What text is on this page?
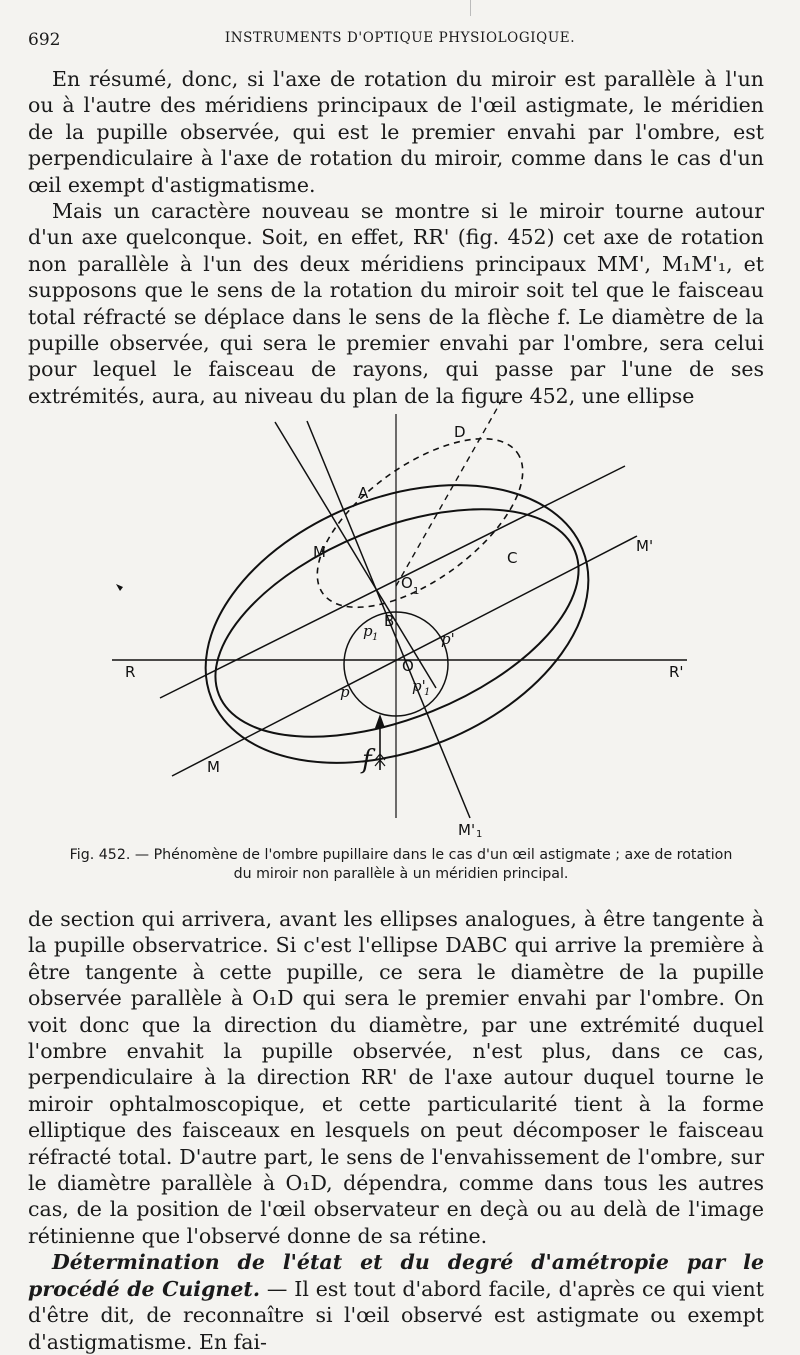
692	INSTRUMENTS D'OPTIQUE PHYSIOLOGIQUE.

En résumé, donc, si l'axe de rotation du miroir est parallèle à l'un ou à l'autre des méridiens principaux de l'œil astigmate, le méridien de la pupille observée, qui est le premier envahi par l'ombre, est perpendiculaire à l'axe de rotation du miroir, comme dans le cas d'un œil exempt d'astigmatisme.

Mais un caractère nouveau se montre si le miroir tourne autour d'un axe quelconque. Soit, en effet, RR' (fig. 452) cet axe de rotation non parallèle à l'un des deux méridiens principaux MM', M₁M'₁, et supposons que le sens de la rotation du miroir soit tel que le faisceau total réfracté se déplace dans le sens de la flèche f. Le diamètre de la pupille observée, qui sera le premier envahi par l'ombre, sera celui pour lequel le faisceau de rayons, qui passe par l'une de ses extrémités, aura, au niveau du plan de la figure 452, une ellipse

D
A
M	C
M'
O 1
B
p 1	p'
R	R'
O
p'
1
p
f
M
M' 1
Fig. 452. — Phénomène de l'ombre pupillaire dans le cas d'un œil astigmate ; axe de rotation
du miroir non parallèle à un méridien principal.

de section qui arrivera, avant les ellipses analogues, à être tangente à la pupille observatrice. Si c'est l'ellipse DABC qui arrive la première à être tangente à cette pupille, ce sera le diamètre de la pupille observée parallèle à O₁D qui sera le premier envahi par l'ombre. On voit donc que la direction du diamètre, par une extrémité duquel l'ombre envahit la pupille observée, n'est plus, dans ce cas, perpendiculaire à la direction RR' de l'axe autour duquel tourne le miroir ophtalmoscopique, et cette particularité tient à la forme elliptique des faisceaux en lesquels on peut décomposer le faisceau réfracté total. D'autre part, le sens de l'envahissement de l'ombre, sur le diamètre parallèle à O₁D, dépendra, comme dans tous les autres cas, de la position de l'œil observateur en deçà ou au delà de l'image rétinienne que l'observé donne de sa rétine.

Détermination de l'état et du degré d'amétropie par le procédé de Cuignet. — Il est tout d'abord facile, d'après ce qui vient d'être dit, de reconnaître si l'œil observé est astigmate ou exempt d'astigmatisme. En fai-
